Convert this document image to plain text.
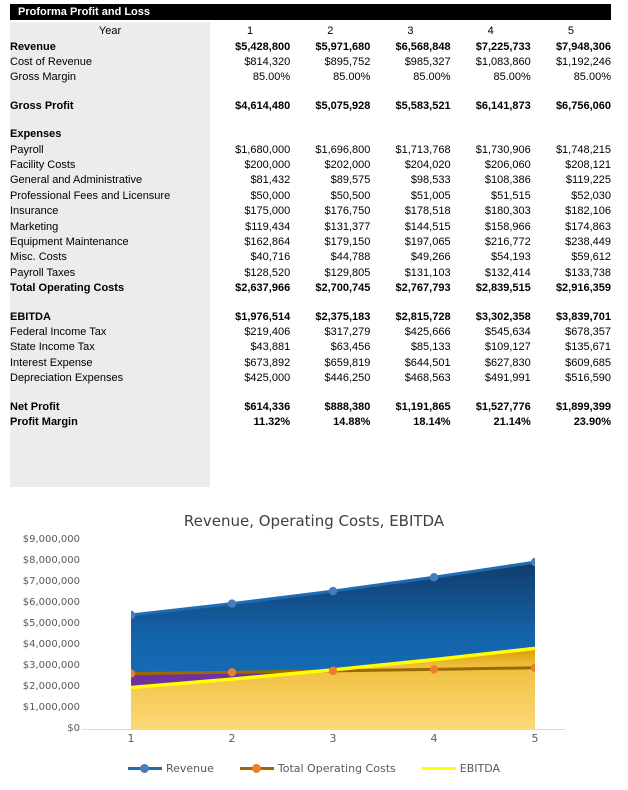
Proforma Profit and Loss
Year	1	2	3	4	5
Revenue	$5,428,800	$5,971,680	$6,568,848	$7,225,733	$7,948,306
Cost of Revenue	$814,320	$895,752	$985,327	$1,083,860	$1,192,246
Gross Margin	85.00%	85.00%	85.00%	85.00%	85.00%

Gross Profit	$4,614,480	$5,075,928	$5,583,521	$6,141,873	$6,756,060

Expenses					
Payroll	$1,680,000	$1,696,800	$1,713,768	$1,730,906	$1,748,215
Facility Costs	$200,000	$202,000	$204,020	$206,060	$208,121
General and Administrative	$81,432	$89,575	$98,533	$108,386	$119,225
Professional Fees and Licensure	$50,000	$50,500	$51,005	$51,515	$52,030
Insurance	$175,000	$176,750	$178,518	$180,303	$182,106
Marketing	$119,434	$131,377	$144,515	$158,966	$174,863
Equipment Maintenance	$162,864	$179,150	$197,065	$216,772	$238,449
Misc. Costs	$40,716	$44,788	$49,266	$54,193	$59,612
Payroll Taxes	$128,520	$129,805	$131,103	$132,414	$133,738
Total Operating Costs	$2,637,966	$2,700,745	$2,767,793	$2,839,515	$2,916,359

EBITDA	$1,976,514	$2,375,183	$2,815,728	$3,302,358	$3,839,701
Federal Income Tax	$219,406	$317,279	$425,666	$545,634	$678,357
State Income Tax	$43,881	$63,456	$85,133	$109,127	$135,671
Interest Expense	$673,892	$659,819	$644,501	$627,830	$609,685
Depreciation Expenses	$425,000	$446,250	$468,563	$491,991	$516,590

Net Profit	$614,336	$888,380	$1,191,865	$1,527,776	$1,899,399
Profit Margin	11.32%	14.88%	18.14%	21.14%	23.90%
Revenue, Operating Costs, EBITDA
$9,000,000
$8,000,000
$7,000,000
$6,000,000
$5,000,000
$4,000,000
$3,000,000
$2,000,000
$1,000,000
$0
1	2	3	4	5
Revenue	Total Operating Costs	EBITDA
